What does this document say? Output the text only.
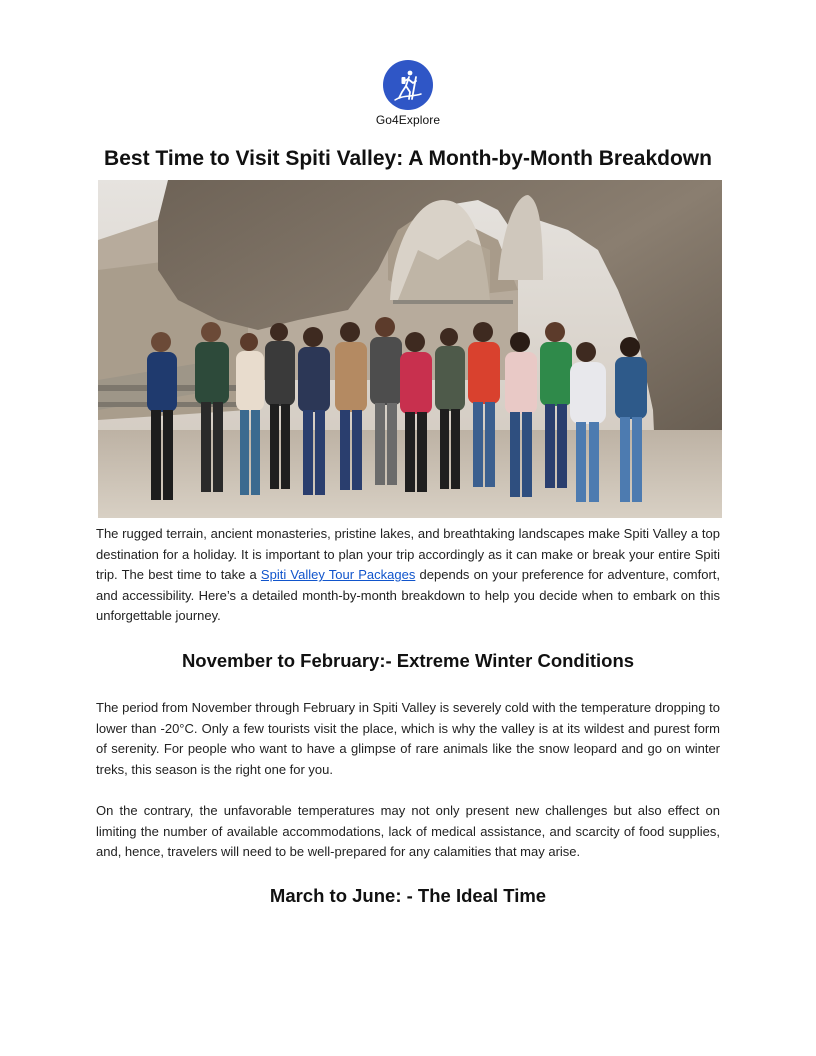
Go4Explore
Best Time to Visit Spiti Valley: A Month-by-Month Breakdown

The rugged terrain, ancient monasteries, pristine lakes, and breathtaking landscapes make Spiti Valley a top destination for a holiday. It is important to plan your trip accordingly as it can make or break your entire Spiti trip. The best time to take a Spiti Valley Tour Packages depends on your preference for adventure, comfort, and accessibility. Here’s a detailed month-by-month breakdown to help you decide when to embark on this unforgettable journey.

November to February:- Extreme Winter Conditions

The period from November through February in Spiti Valley is severely cold with the temperature dropping to lower than -20°C. Only a few tourists visit the place, which is why the valley is at its wildest and purest form of serenity. For people who want to have a glimpse of rare animals like the snow leopard and go on winter treks, this season is the right one for you.

On the contrary, the unfavorable temperatures may not only present new challenges but also effect on limiting the number of available accommodations, lack of medical assistance, and scarcity of food supplies, and, hence, travelers will need to be well-prepared for any calamities that may arise.

March to June: - The Ideal Time
